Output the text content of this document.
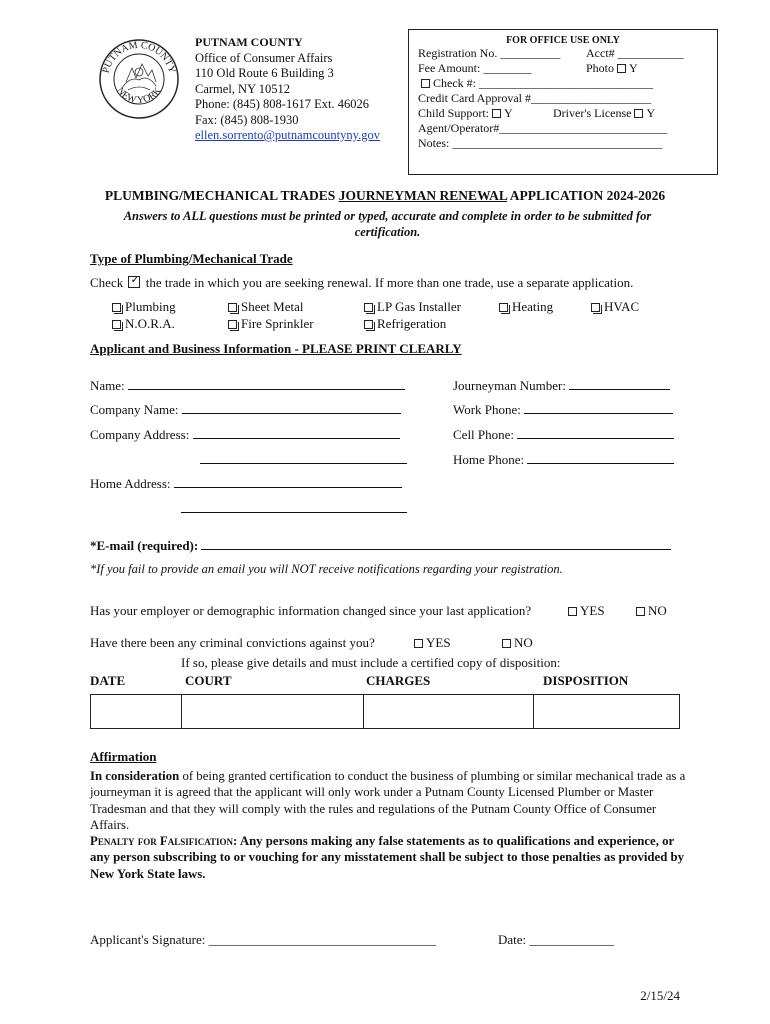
PUTNAM COUNTY
NEW YORK
PUTNAM COUNTY
Office of Consumer Affairs
110 Old Route 6 Building 3
Carmel, NY 10512
Phone: (845) 808-1617 Ext. 46026
Fax: (845) 808-1930
ellen.sorrento@putnamcountyny.gov
FOR OFFICE USE ONLY
Registration No. __________ Acct# ___________
Fee Amount: ________	Photo Y
Check #: _____________________________
Credit Card Approval #____________________
Child Support: Y	Driver's License Y
Agent/Operator#____________________________
Notes: ___________________________________
PLUMBING/MECHANICAL TRADES JOURNEYMAN RENEWAL APPLICATION 2024-2026
Answers to ALL questions must be printed or typed, accurate and complete in order to be submitted for certification.
Type of Plumbing/Mechanical Trade
Check ✓ the trade in which you are seeking renewal. If more than one trade, use a separate application.
Plumbing	Sheet Metal	LP Gas Installer	Heating	HVAC
N.O.R.A.	Fire Sprinkler	Refrigeration
Applicant and Business Information - PLEASE PRINT CLEARLY
Name:
Company Name:
Company Address:
Home Address:
Journeyman Number:
Work Phone:
Cell Phone:
Home Phone:
*E-mail (required):
*If you fail to provide an email you will NOT receive notifications regarding your registration.
Has your employer or demographic information changed since your last application?	YES	NO
Have there been any criminal convictions against you?	YES	NO
If so, please give details and must include a certified copy of disposition:
DATE	COURT	CHARGES	DISPOSITION

Affirmation
In consideration of being granted certification to conduct the business of plumbing or similar mechanical trade as a journeyman it is agreed that the applicant will only work under a Putnam County Licensed Plumber or Master Tradesman and that they will comply with the rules and regulations of the Putnam County Office of Consumer Affairs.
Penalty for Falsification: Any persons making any false statements as to qualifications and experience, or any person subscribing to or vouching for any misstatement shall be subject to those penalties as provided by New York State laws.
Applicant's Signature: ___________________________________	Date: _____________
2/15/24
